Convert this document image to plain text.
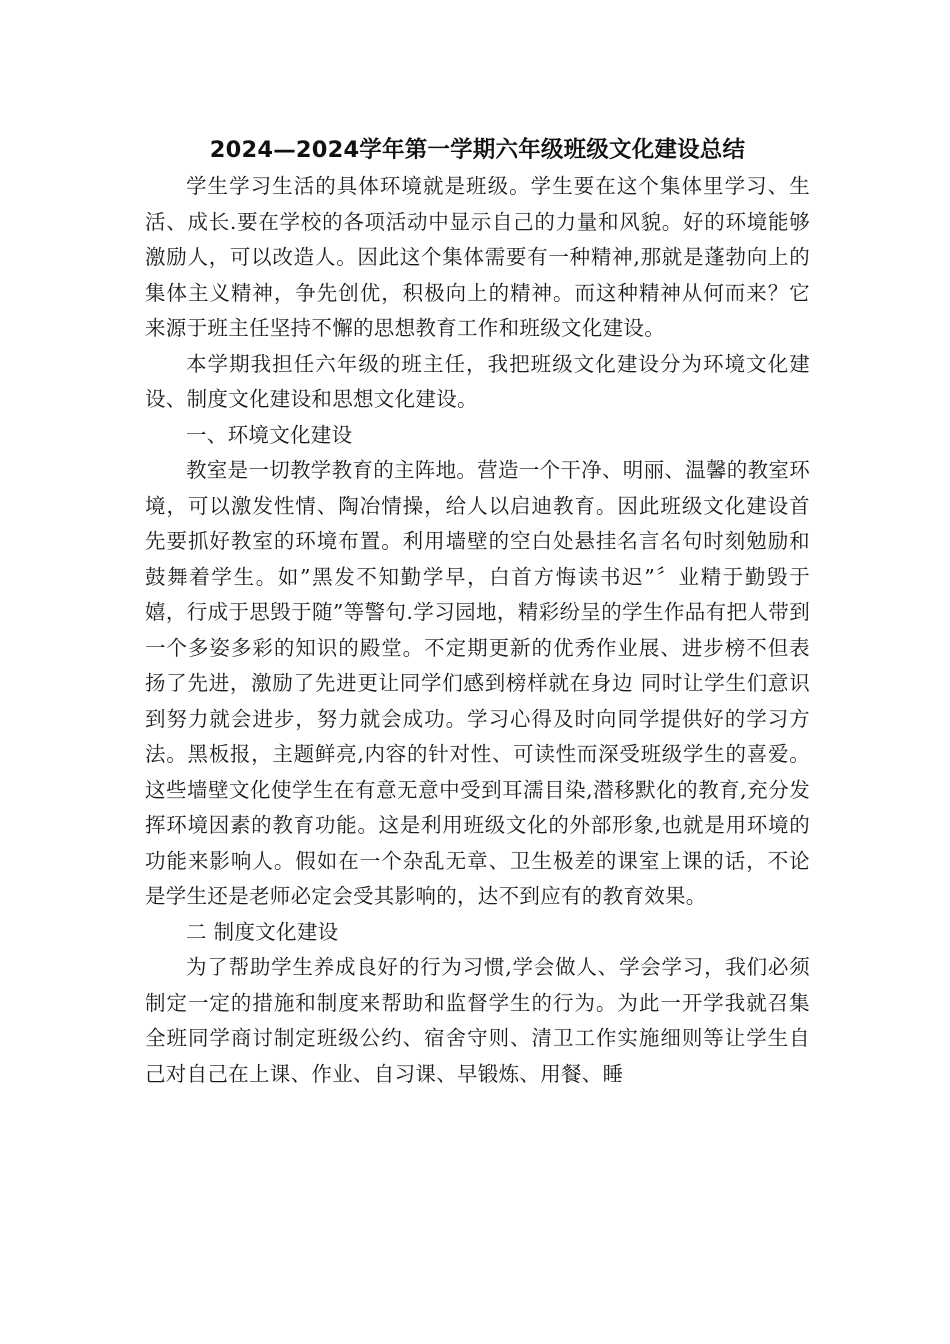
2024—2024学年第一学期六年级班级文化建设总结

学生学习生活的具体环境就是班级。学生要在这个集体里学习、生活、成长.要在学校的各项活动中显示自己的力量和风貌。好的环境能够激励人，可以改造人。因此这个集体需要有一种精神,那就是蓬勃向上的集体主义精神，争先创优，积极向上的精神。而这种精神从何而来？它来源于班主任坚持不懈的思想教育工作和班级文化建设。

本学期我担任六年级的班主任，我把班级文化建设分为环境文化建设、制度文化建设和思想文化建设。

一、环境文化建设

教室是一切教学教育的主阵地。营造一个干净、明丽、温馨的教室环境，可以激发性情、陶冶情操，给人以启迪教育。因此班级文化建设首先要抓好教室的环境布置。利用墙壁的空白处悬挂名言名句时刻勉励和鼓舞着学生。如”黑发不知勤学早，白首方悔读书迟”〞业精于勤毁于嬉，行成于思毁于随”等警句.学习园地，精彩纷呈的学生作品有把人带到一个多姿多彩的知识的殿堂。不定期更新的优秀作业展、进步榜不但表扬了先进，激励了先进更让同学们感到榜样就在身边 同时让学生们意识到努力就会进步，努力就会成功。学习心得及时向同学提供好的学习方法。黑板报，主题鲜亮,内容的针对性、可读性而深受班级学生的喜爱。这些墙壁文化使学生在有意无意中受到耳濡目染,潜移默化的教育,充分发挥环境因素的教育功能。这是利用班级文化的外部形象,也就是用环境的功能来影响人。假如在一个杂乱无章、卫生极差的课室上课的话，不论是学生还是老师必定会受其影响的，达不到应有的教育效果。

二 制度文化建设

为了帮助学生养成良好的行为习惯,学会做人、学会学习，我们必须制定一定的措施和制度来帮助和监督学生的行为。为此一开学我就召集全班同学商讨制定班级公约、宿舍守则、清卫工作实施细则等让学生自己对自己在上课、作业、自习课、早锻炼、用餐、睡
